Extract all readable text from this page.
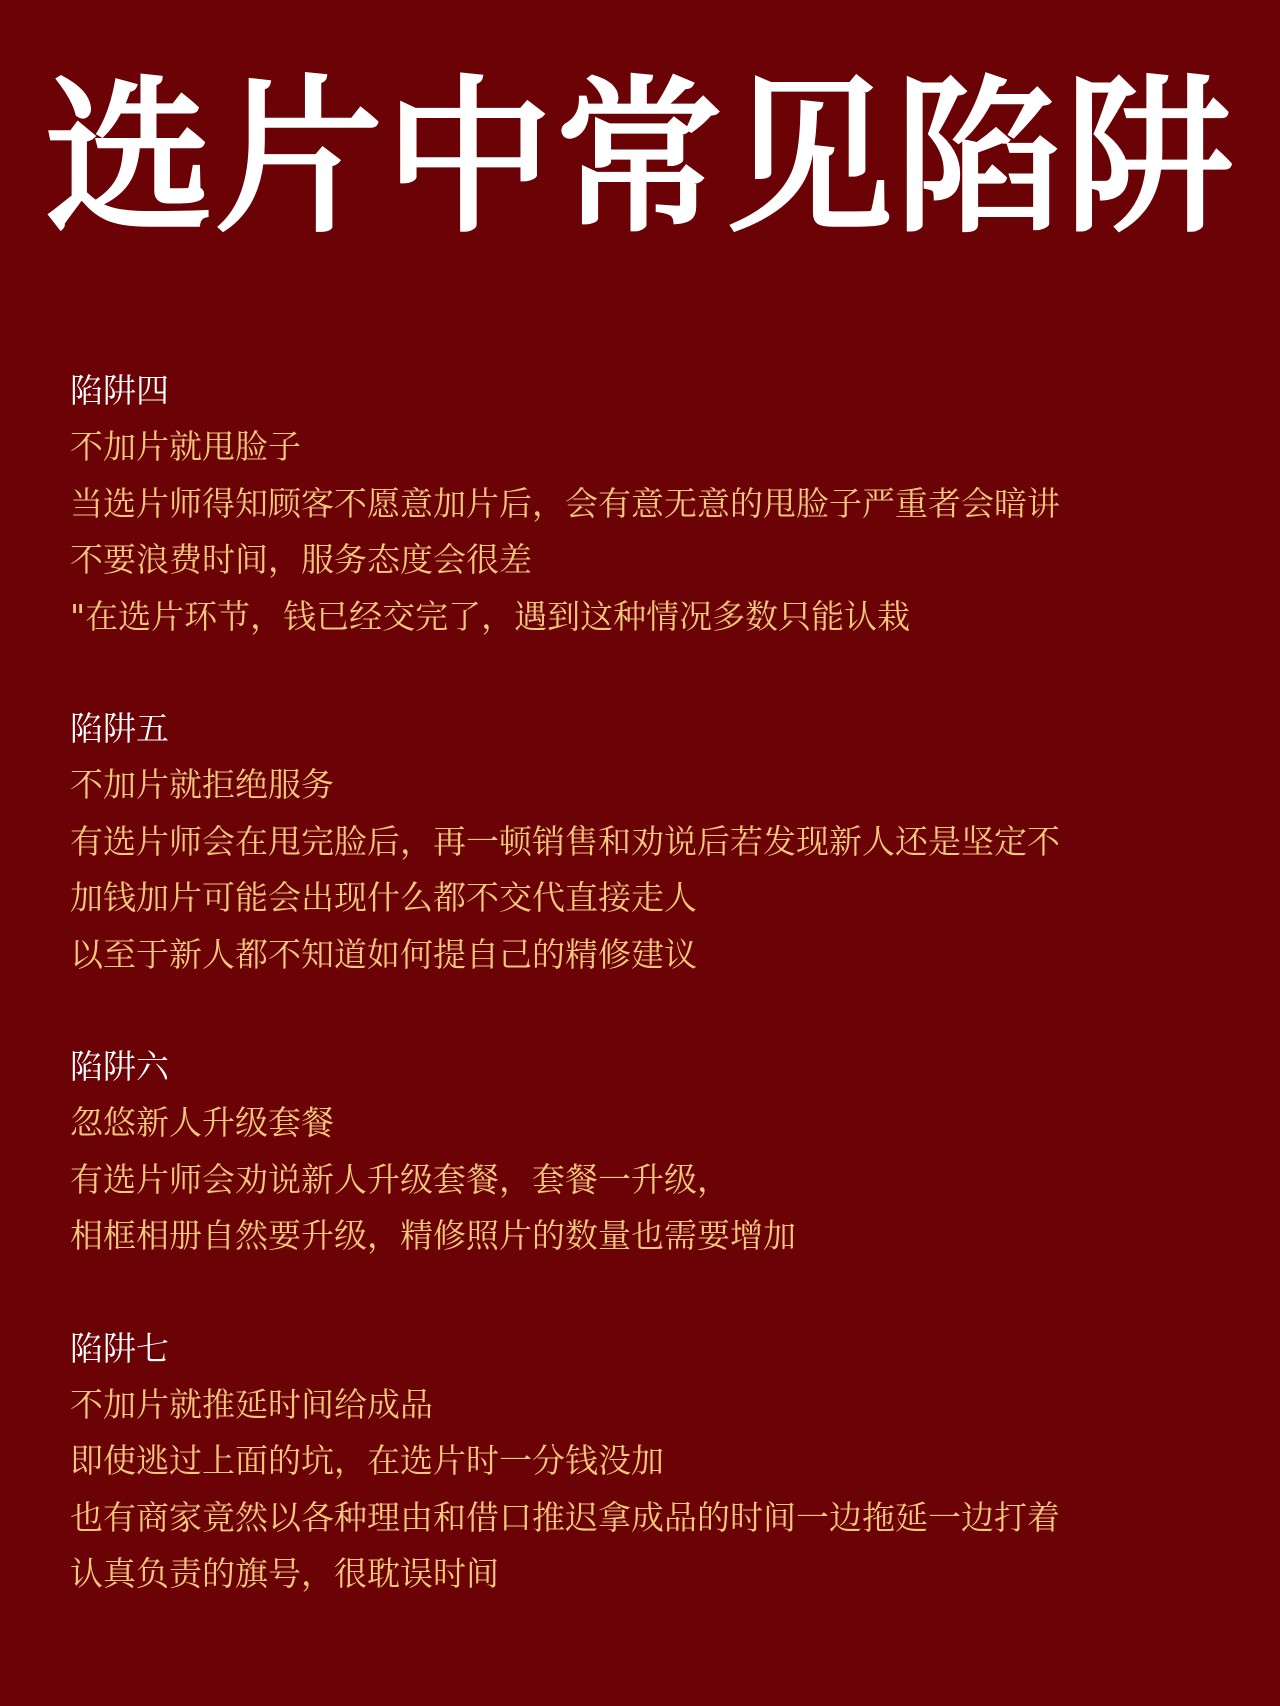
选片中常见陷阱
陷阱四
不加片就甩脸子
当选片师得知顾客不愿意加片后，会有意无意的甩脸子严重者会暗讲
不要浪费时间，服务态度会很差
"在选片环节，钱已经交完了，遇到这种情况多数只能认栽
陷阱五
不加片就拒绝服务
有选片师会在甩完脸后，再一顿销售和劝说后若发现新人还是坚定不
加钱加片可能会出现什么都不交代直接走人
以至于新人都不知道如何提自己的精修建议
陷阱六
忽悠新人升级套餐
有选片师会劝说新人升级套餐，套餐一升级，
相框相册自然要升级，精修照片的数量也需要增加
陷阱七
不加片就推延时间给成品
即使逃过上面的坑，在选片时一分钱没加
也有商家竟然以各种理由和借口推迟拿成品的时间一边拖延一边打着
认真负责的旗号，很耽误时间
